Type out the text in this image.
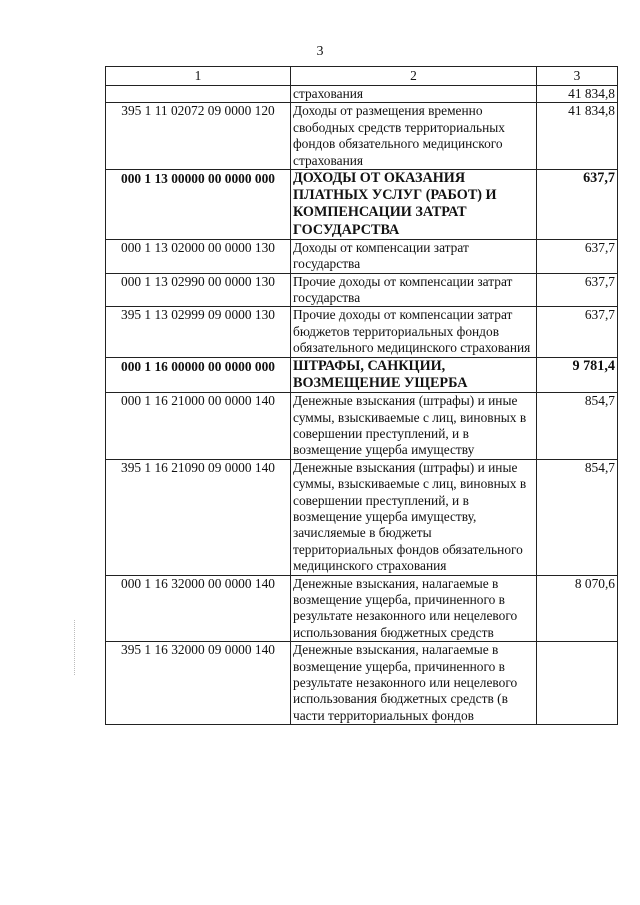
3
1	2	3
	страхования	41 834,8
395 1 11 02072 09 0000 120	Доходы от размещения временно свободных средств территориальных фондов обязательного медицинского страхования	41 834,8
000 1 13 00000 00 0000 000	ДОХОДЫ ОТ ОКАЗАНИЯ ПЛАТНЫХ УСЛУГ (РАБОТ) И КОМПЕНСАЦИИ ЗАТРАТ ГОСУДАРСТВА	637,7
000 1 13 02000 00 0000 130	Доходы от компенсации затрат государства	637,7
000 1 13 02990 00 0000 130	Прочие доходы от компенсации затрат государства	637,7
395 1 13 02999 09 0000 130	Прочие доходы от компенсации затрат бюджетов территориальных фондов обязательного медицинского страхования	637,7
000 1 16 00000 00 0000 000	ШТРАФЫ, САНКЦИИ, ВОЗМЕЩЕНИЕ УЩЕРБА	9 781,4
000 1 16 21000 00 0000 140	Денежные взыскания (штрафы) и иные суммы, взыскиваемые с лиц, виновных в совершении преступлений, и в возмещение ущерба имуществу	854,7
395 1 16 21090 09 0000 140	Денежные взыскания (штрафы) и иные суммы, взыскиваемые с лиц, виновных в совершении преступлений, и в возмещение ущерба имуществу, зачисляемые в бюджеты территориальных фондов обязательного медицинского страхования	854,7
000 1 16 32000 00 0000 140	Денежные взыскания, налагаемые в возмещение ущерба, причиненного в результате незаконного или нецелевого использования бюджетных средств	8 070,6
395 1 16 32000 09 0000 140	Денежные взыскания, налагаемые в возмещение ущерба, причиненного в результате незаконного или нецелевого использования бюджетных средств (в части территориальных фондов	
